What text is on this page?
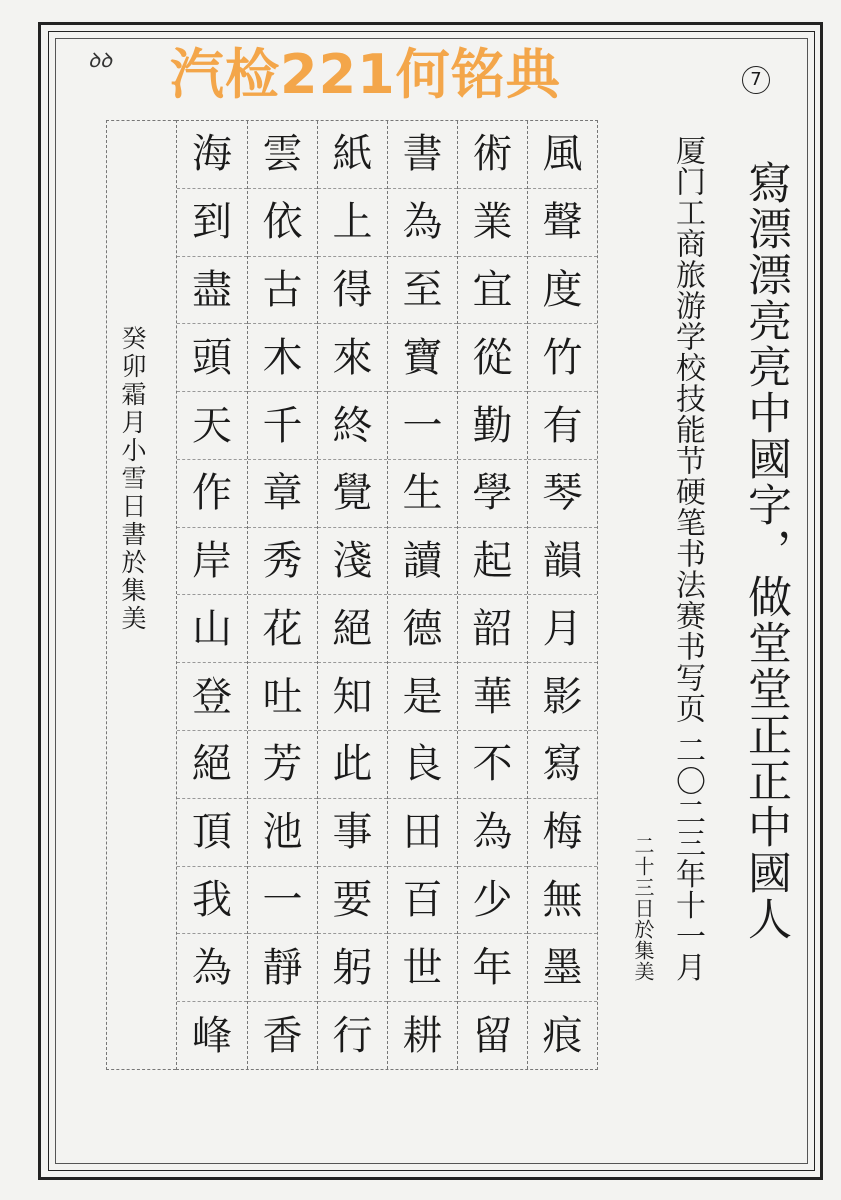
ꝺꝺ 汽检221何铭典	7
寫漂漂亮亮中國字，做堂堂正正中國人
厦门工商旅游学校技能节硬笔书法赛书写页 二〇二三年十一月
二十三日於集美
風
聲
度
竹
有
琴
韻
月
影
寫
梅
無
墨
痕
術
業
宜
從
勤
學
起
韶
華
不
為
少
年
留
書
為
至
寶
一
生
讀
德
是
良
田
百
世
耕
紙
上
得
來
終
覺
淺
絕
知
此
事
要
躬
行
雲
依
古
木
千
章
秀
花
吐
芳
池
一
靜
香
海
到
盡
頭
天
作
岸
山
登
絕
頂
我
為
峰
癸卯霜月小雪日書於集美
